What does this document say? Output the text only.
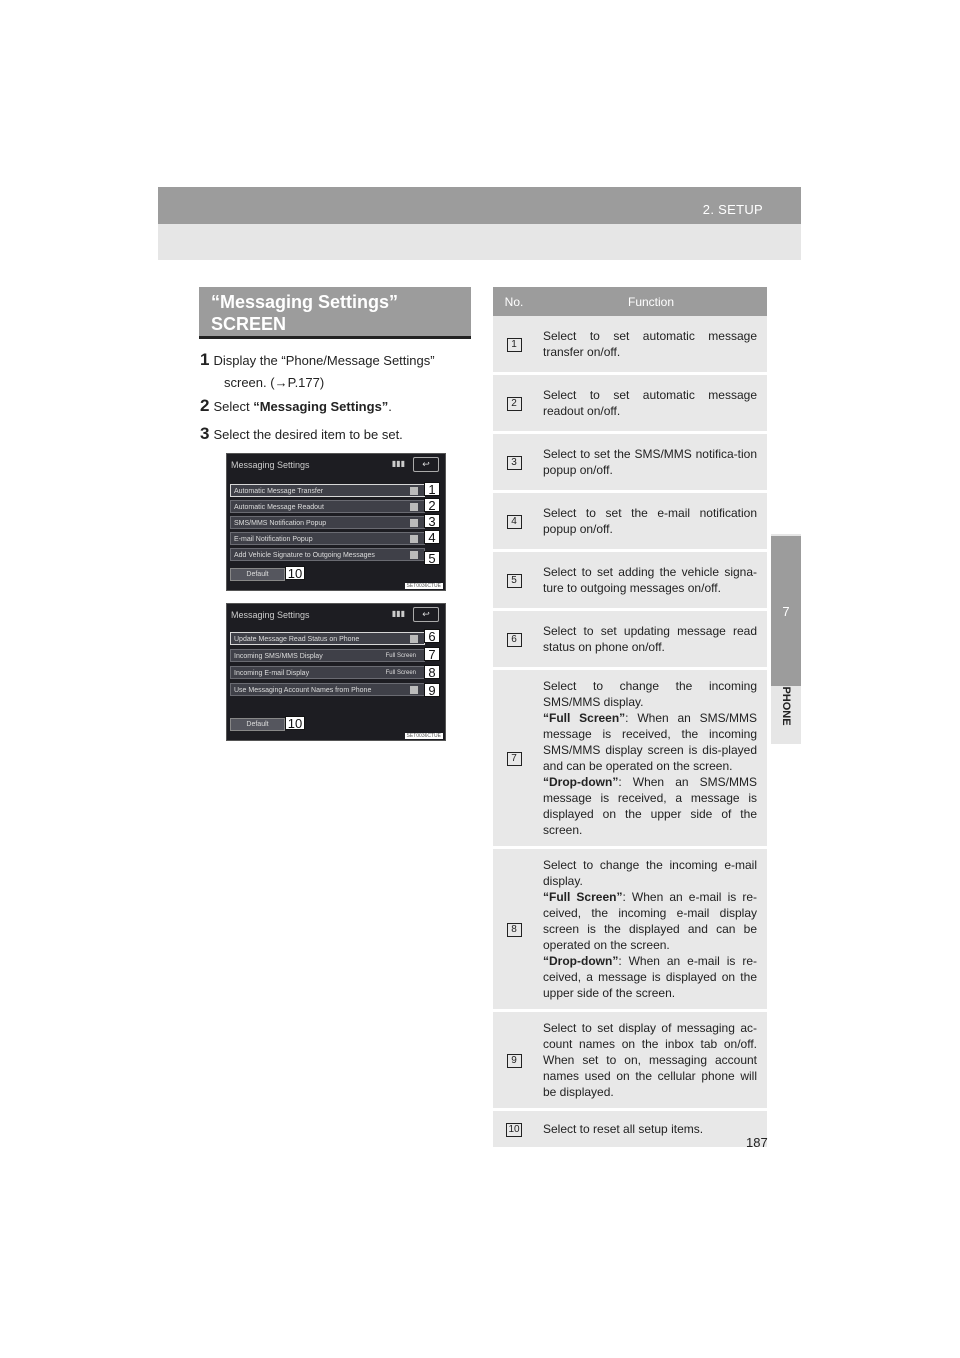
2. SETUP
7
PHONE
“Messaging Settings”
SCREEN
1 Display the “Phone/Message Settings”
screen. (→P.177)
2 Select “Messaging Settings”.
3 Select the desired item to be set.
Messaging Settings	▮▮▮	↩
Automatic Message Transfer
Automatic Message Readout
SMS/MMS Notification Popup
E-mail Notification Popup
Add Vehicle Signature to Outgoing Messages
1
2
3
4
5
Default	10
SET0036CTUE
Messaging Settings	▮▮▮	↩
Update Message Read Status on Phone
Incoming SMS/MMS Display	Full Screen
Incoming E-mail Display	Full Screen
Use Messaging Account Names from Phone
6
7
8
9
Default	10
SET0036CTUE
No.	Function
1	Select to set automatic message transfer on/off.
2	Select to set automatic message readout on/off.
3	Select to set the SMS/MMS notifica-tion popup on/off.
4	Select to set the e-mail notification popup on/off.
5	Select to set adding the vehicle signa-ture to outgoing messages on/off.
6	Select to set updating message read status on phone on/off.
7	Select to change the incoming SMS/MMS display.
“Full Screen”: When an SMS/MMS message is received, the incoming SMS/MMS display screen is dis-played and can be operated on the screen.
“Drop-down”: When an SMS/MMS message is received, a message is displayed on the upper side of the screen.

8	Select to change the incoming e-mail display.
“Full Screen”: When an e-mail is re-ceived, the incoming e-mail display screen is the displayed and can be operated on the screen.
“Drop-down”: When an e-mail is re-ceived, a message is displayed on the upper side of the screen.

9	Select to set display of messaging ac-count names on the inbox tab on/off. When set to on, messaging account names used on the cellular phone will be displayed.
10	Select to reset all setup items.
187
